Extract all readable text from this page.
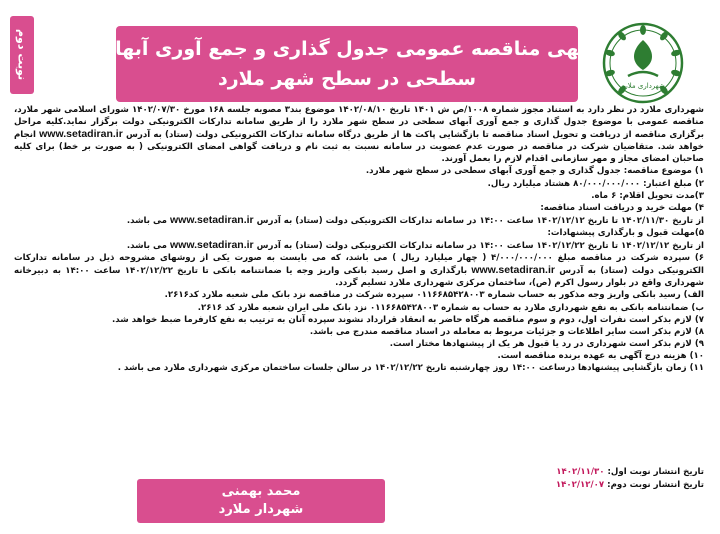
نوبت دوم	آگهی مناقصه عمومی جدول گذاری و جمع آوری آبهای
سطحی در سطح شهر ملارد	شهرداری ملارد

شهرداری ملارد در نظر دارد به استناد مجوز شماره ۱۰۰۸/ص ش ۱۴۰۱ تاریخ ۱۴۰۲/۰۸/۱۰ موضوع بند۳ مصوبه جلسه ۱۶۸ مورخ ۱۴۰۲/۰۷/۳۰ شورای اسلامی شهر ملارد، مناقصه عمومی با موضوع جدول گذاری و جمع آوری آبهای سطحی در سطح شهر ملارد را از طریق سامانه تدارکات الکترونیکی دولت برگزار نماید.کلیه مراحل برگزاری مناقصه از دریافت و تحویل اسناد مناقصه تا بازگشایی پاکت ها از طریق درگاه سامانه تدارکات الکترونیکی دولت (ستاد) به آدرس www.setadiran.ir انجام خواهد شد. متقاضیان شرکت در مناقصه در صورت عدم عضویت در سامانه نسبت به ثبت نام و دریافت گواهی امضای الکترونیکی ( به صورت بر خط) برای کلیه صاحبان امضای مجاز و مهر سازمانی اقدام لازم را بعمل آورند.

۱) موضوع مناقصه: جدول گذاری و جمع آوری آبهای سطحی در سطح شهر ملارد.

۲) مبلغ اعتبار: ۸۰/۰۰۰/۰۰۰/۰۰۰ هشتاد میلیارد ریال.

۳)مدت تحویل اقلام: ۶ ماه.

۴) مهلت خرید و دریافت اسناد مناقصه:

از تاریخ ۱۴۰۲/۱۱/۳۰ تا تاریخ ۱۴۰۲/۱۲/۱۲ ساعت ۱۴:۰۰ در سامانه تدارکات الکترونیکی دولت (ستاد) به آدرس www.setadiran.ir می باشد.

۵)مهلت قبول و بارگذاری پیشنهادات:

از تاریخ ۱۴۰۲/۱۲/۱۲ تا تاریخ ۱۴۰۲/۱۲/۲۲ ساعت ۱۴:۰۰ در سامانه تدارکات الکترونیکی دولت (ستاد) به آدرس www.setadiran.ir می باشد.

۶) سپرده شرکت در مناقصه مبلغ ۴/۰۰۰/۰۰۰/۰۰۰ ( چهار میلیارد ریال ) می باشد، که می بایست به صورت یکی از روشهای مشروحه ذیل در سامانه تدارکات الکترونیکی دولت (ستاد) به آدرس www.setadiran.ir بارگذاری و اصل رسید بانکی واریز وجه یا ضمانتنامه بانکی تا تاریخ ۱۴۰۲/۱۲/۲۲ ساعت ۱۴:۰۰ به دبیرخانه شهرداری واقع در بلوار رسول اکرم (ص)، ساختمان مرکزی شهرداری ملارد تسلیم گردد.

الف) رسید بانکی واریز وجه مذکور به حساب شماره ۰۱۱۶۶۸۵۴۲۸۰۰۳ سپرده شرکت در مناقصه نزد بانک ملی شعبه ملارد کد۲۶۱۶.

ب) ضمانتنامه بانکی به نفع شهرداری ملارد به حساب به شماره ۰۱۱۶۶۸۵۴۲۸۰۰۳ نزد بانک ملی ایران شعبه ملارد کد ۲۶۱۶.

۷) لازم بذکر است نفرات اول، دوم و سوم مناقصه هرگاه حاضر به انعقاد قرارداد نشوند سپرده آنان به ترتیب به نفع کارفرما ضبط خواهد شد.

۸) لازم بذکر است سایر اطلاعات و جزئیات مربوط به معامله در اسناد مناقصه مندرج می باشد.

۹) لازم بذکر است شهرداری در رد یا قبول هر یک از پیشنهادها مختار است.

۱۰) هزینه درج آگهی به عهده برنده مناقصه است.

۱۱) زمان بازگشایی پیشنهادها درساعت ۱۴:۰۰ روز چهارشنبه تاریخ ۱۴۰۲/۱۲/۲۲ در سالن جلسات ساختمان مرکزی شهرداری ملارد می باشد .

تاریخ انتشار نوبت اول: ۱۴۰۲/۱۱/۳۰
تاریخ انتشار نوبت دوم: ۱۴۰۲/۱۲/۰۷
محمد بهمنی
شهردار ملارد
